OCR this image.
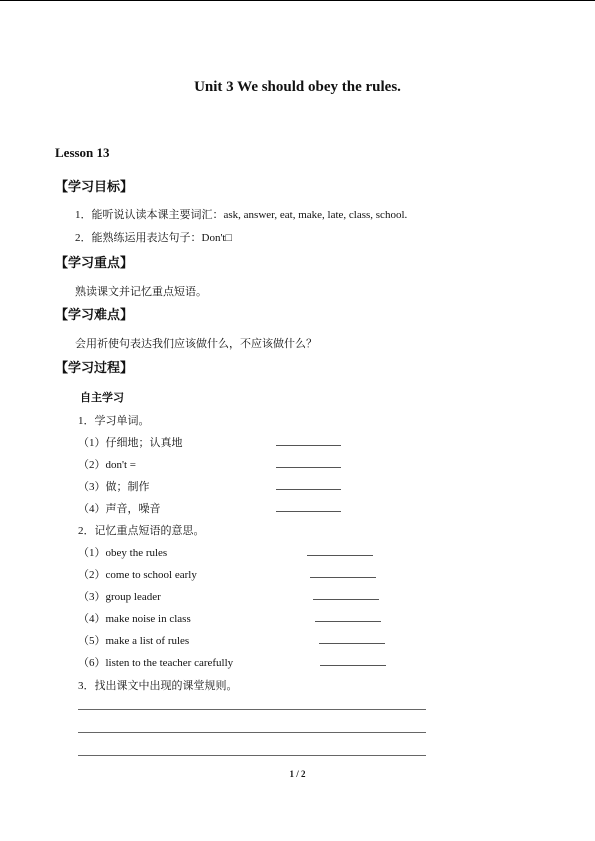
Unit 3 We should obey the rules.
Lesson 13
【学习目标】
1．能听说认读本课主要词汇：ask, answer, eat, make, late, class, school.
2．能熟练运用表达句子：Don't□
【学习重点】
熟读课文并记忆重点短语。
【学习难点】
会用祈使句表达我们应该做什么，不应该做什么？
【学习过程】
自主学习
1．学习单词。
（1）仔细地；认真地
（2）don't =
（3）做；制作
（4）声音，噪音
2．记忆重点短语的意思。
（1）obey the rules
（2）come to school early
（3）group leader
（4）make noise in class
（5）make a list of rules
（6）listen to the teacher carefully
3．找出课文中出现的课堂规则。
1 / 2
